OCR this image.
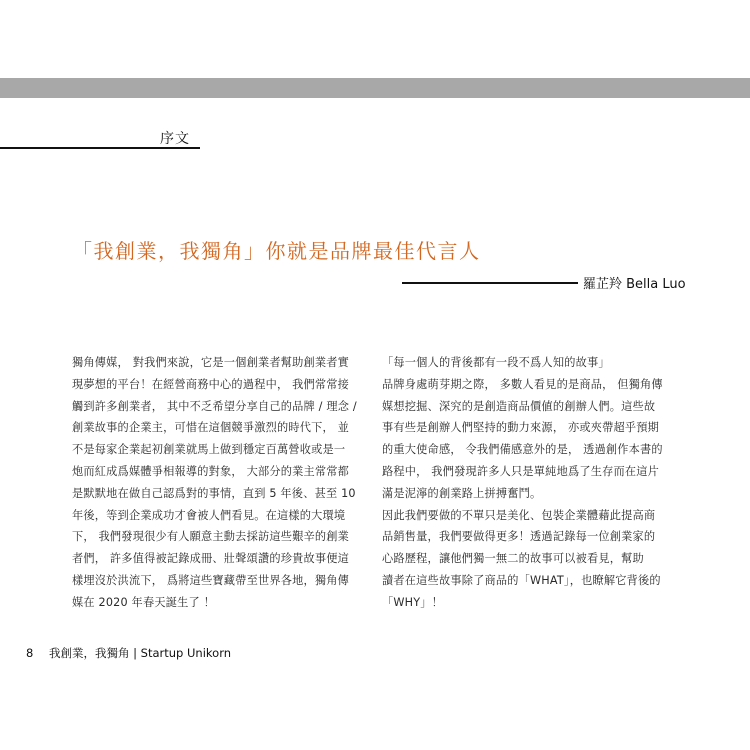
序文
「我創業，我獨角」你就是品牌最佳代言人
羅芷羚 Bella Luo
獨角傳媒， 對我們來說，它是一個創業者幫助創業者實
現夢想的平台！在經營商務中心的過程中， 我們常常接
觸到許多創業者， 其中不乏希望分享自己的品牌 / 理念 /
創業故事的企業主，可惜在這個競爭激烈的時代下， 並
不是每家企業起初創業就馬上做到穩定百萬營收或是一
炮而紅成爲媒體爭相報導的對象， 大部分的業主常常都
是默默地在做自己認爲對的事情，直到 5 年後、甚至 10
年後，等到企業成功才會被人們看見。在這樣的大環境
下， 我們發現很少有人願意主動去採訪這些艱辛的創業
者們， 許多值得被記錄成冊、壯聲頌讚的珍貴故事便這
樣埋沒於洪流下， 爲將這些寶藏帶至世界各地，獨角傳
媒在 2020 年春天誕生了 ！
「每一個人的背後都有一段不爲人知的故事」
品牌身處萌芽期之際， 多數人看見的是商品， 但獨角傳
媒想挖掘、深究的是創造商品價値的創辦人們。這些故
事有些是創辦人們堅持的動力來源， 亦或夾帶超乎預期
的重大使命感， 令我們備感意外的是， 透過創作本書的
路程中， 我們發現許多人只是單純地爲了生存而在這片
滿是泥濘的創業路上拼搏奮鬥。
因此我們要做的不單只是美化、包裝企業體藉此提高商
品銷售量，我們要做得更多！透過記錄每一位創業家的
心路歷程，讓他們獨一無二的故事可以被看見，幫助
讀者在這些故事除了商品的「WHAT」，也瞭解它背後的
「WHY」！
8 我創業，我獨角 | Startup Unikorn
